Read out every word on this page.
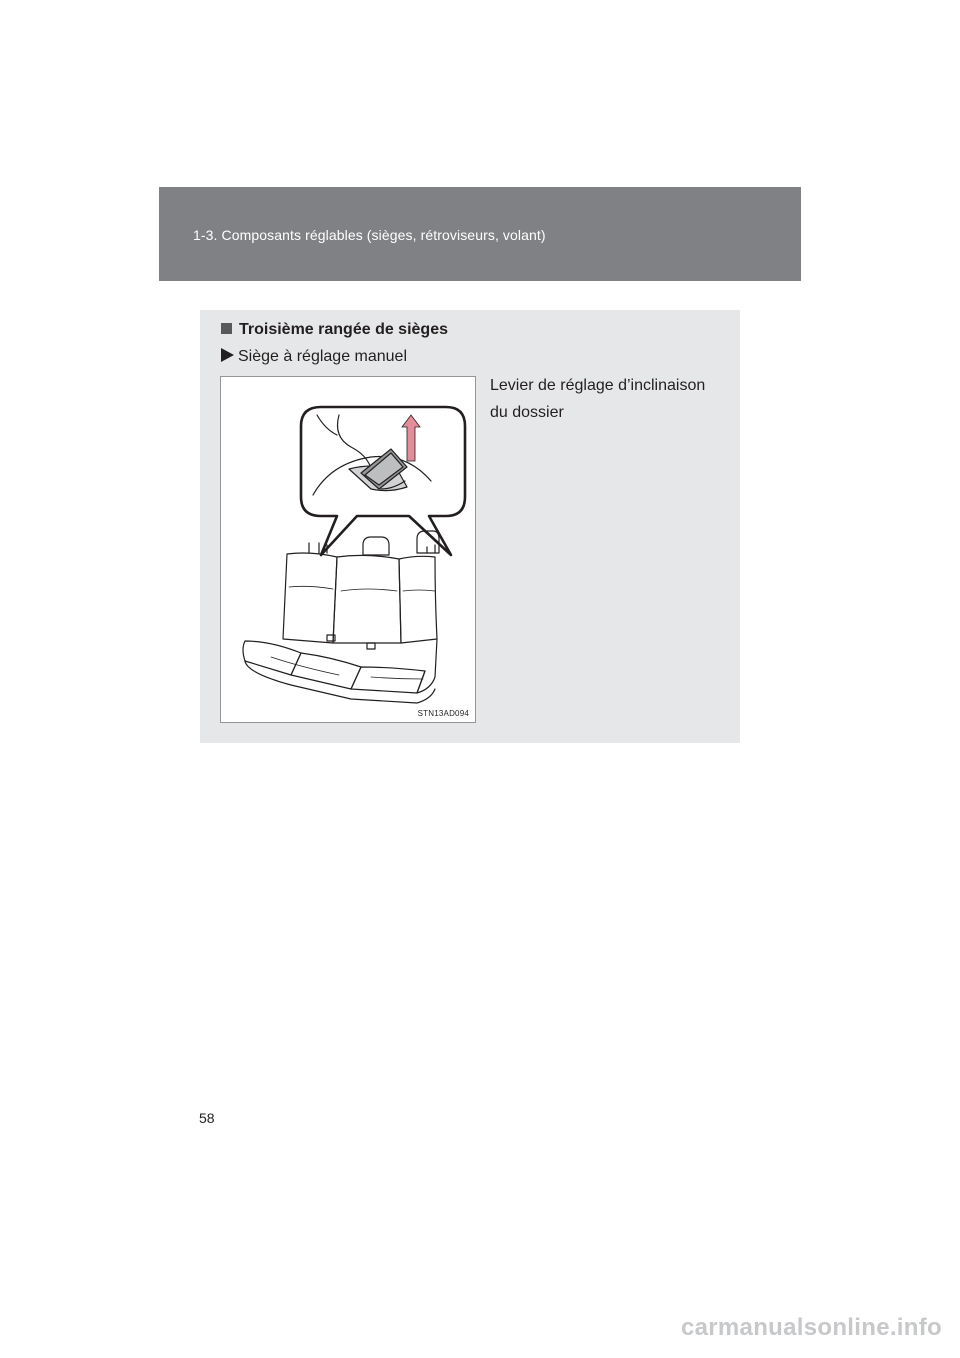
1-3. Composants réglables (sièges, rétroviseurs, volant)
Troisième rangée de sièges
Siège à réglage manuel
STN13AD094
Levier de réglage d’inclinaison
du dossier
58
carmanualsonline.info
